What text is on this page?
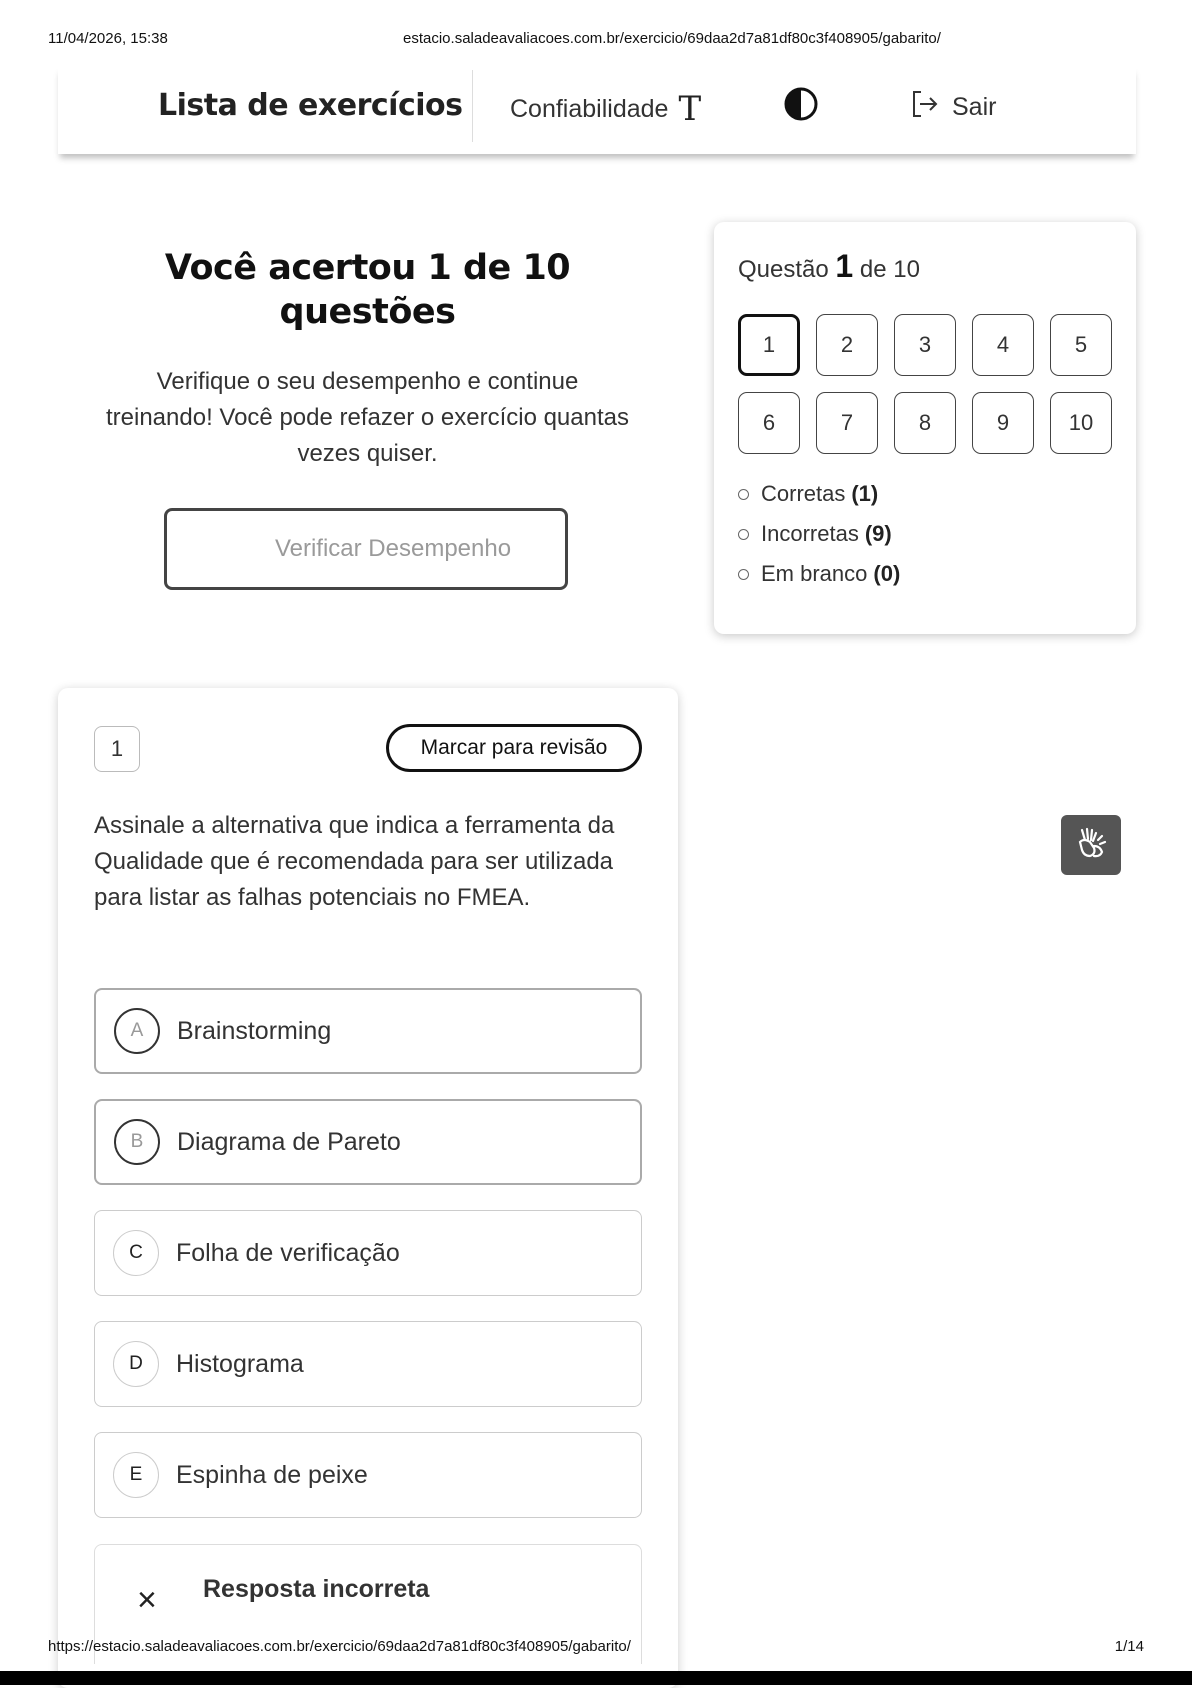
11/04/2026, 15:38	estacio.saladeavaliacoes.com.br/exercicio/69daa2d7a81df80c3f408905/gabarito/
Lista de exercícios Confiabilidade T	Sair
Você acertou 1 de 10 questões

Verifique o seu desempenho e continue treinando! Você pode refazer o exercício quantas vezes quiser.

Verificar Desempenho
Questão 1 de 10
1	2	3	4	5
6	7	8	9	10
Corretas (1)
Incorretas (9)
Em branco (0)
1	Marcar para revisão
Assinale a alternativa que indica a ferramenta da Qualidade que é recomendada para ser utilizada para listar as falhas potenciais no FMEA.
A	Brainstorming
B	Diagrama de Pareto
C	Folha de verificação
D	Histograma
E	Espinha de peixe
× Resposta incorreta
https://estacio.saladeavaliacoes.com.br/exercicio/69daa2d7a81df80c3f408905/gabarito/	1/14
